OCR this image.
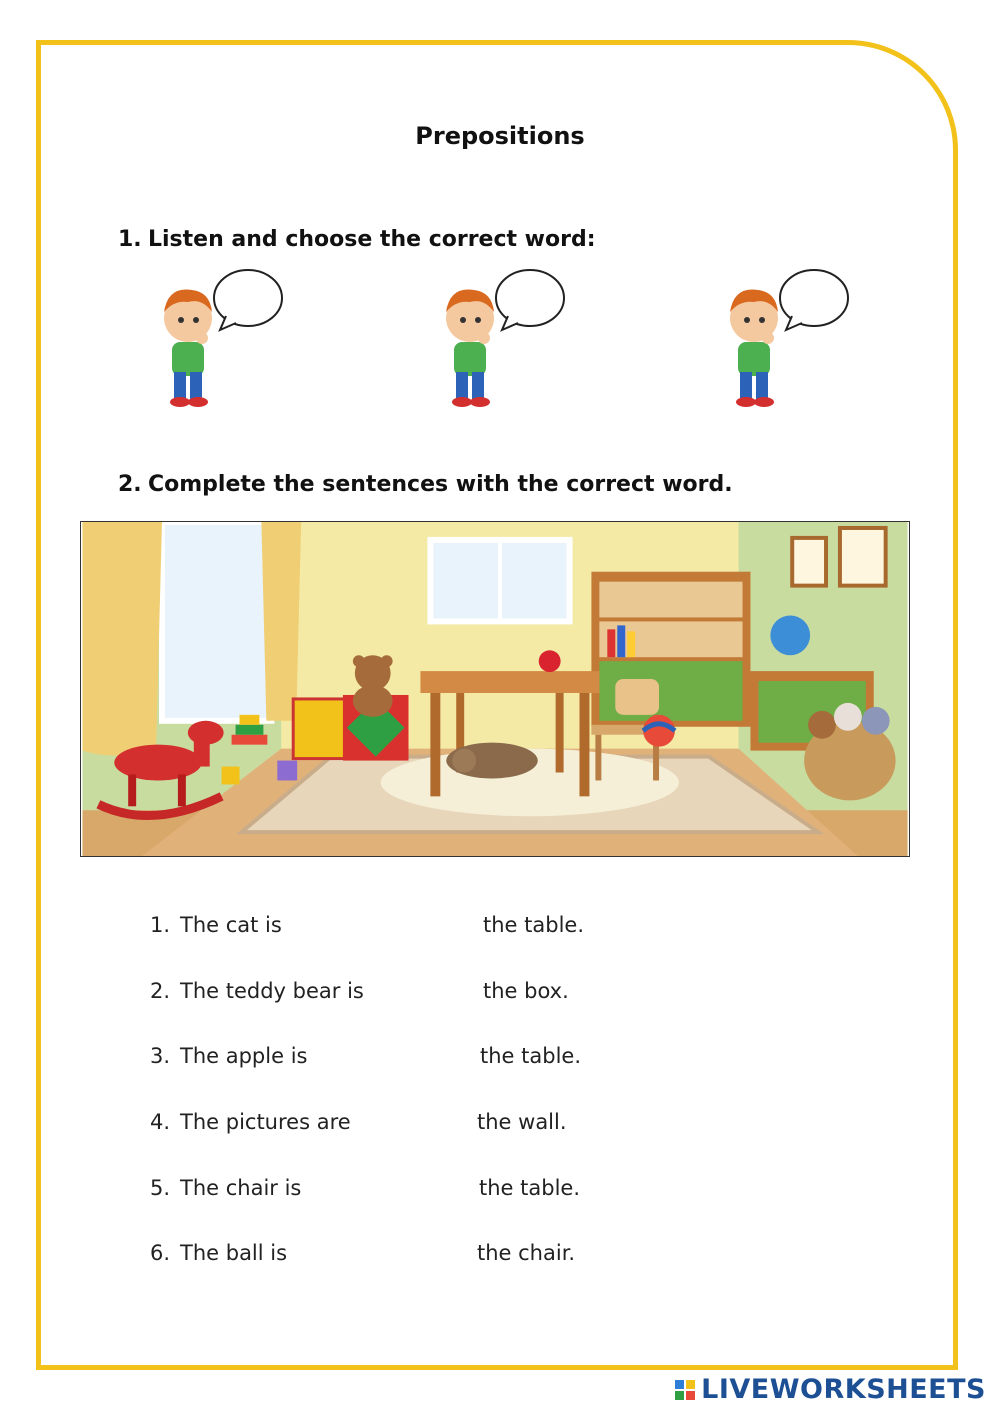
Prepositions
1. Listen and choose the correct word:
2. Complete the sentences with the correct word.
1. The cat is	the table.
2. The teddy bear is	the box.
3. The apple is	the table.
4. The pictures are	the wall.
5. The chair is	the table.
6. The ball is	the chair.
LIVEWORKSHEETS
